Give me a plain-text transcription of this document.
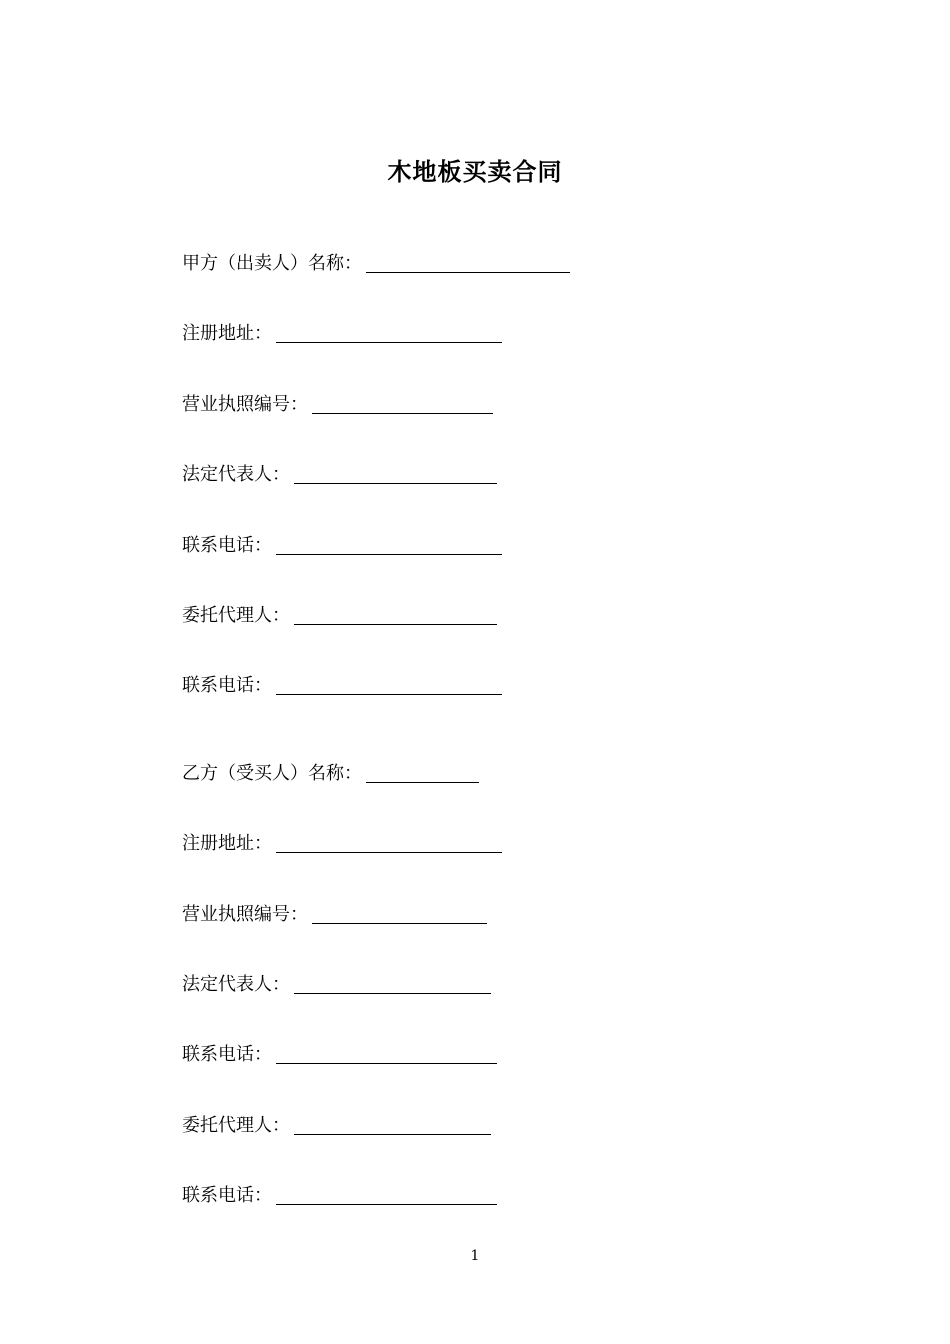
木地板买卖合同
甲方（出卖人）名称：
注册地址：
营业执照编号：
法定代表人：
联系电话：
委托代理人：
联系电话：
乙方（受买人）名称：
注册地址：
营业执照编号：
法定代表人：
联系电话：
委托代理人：
联系电话：
1
